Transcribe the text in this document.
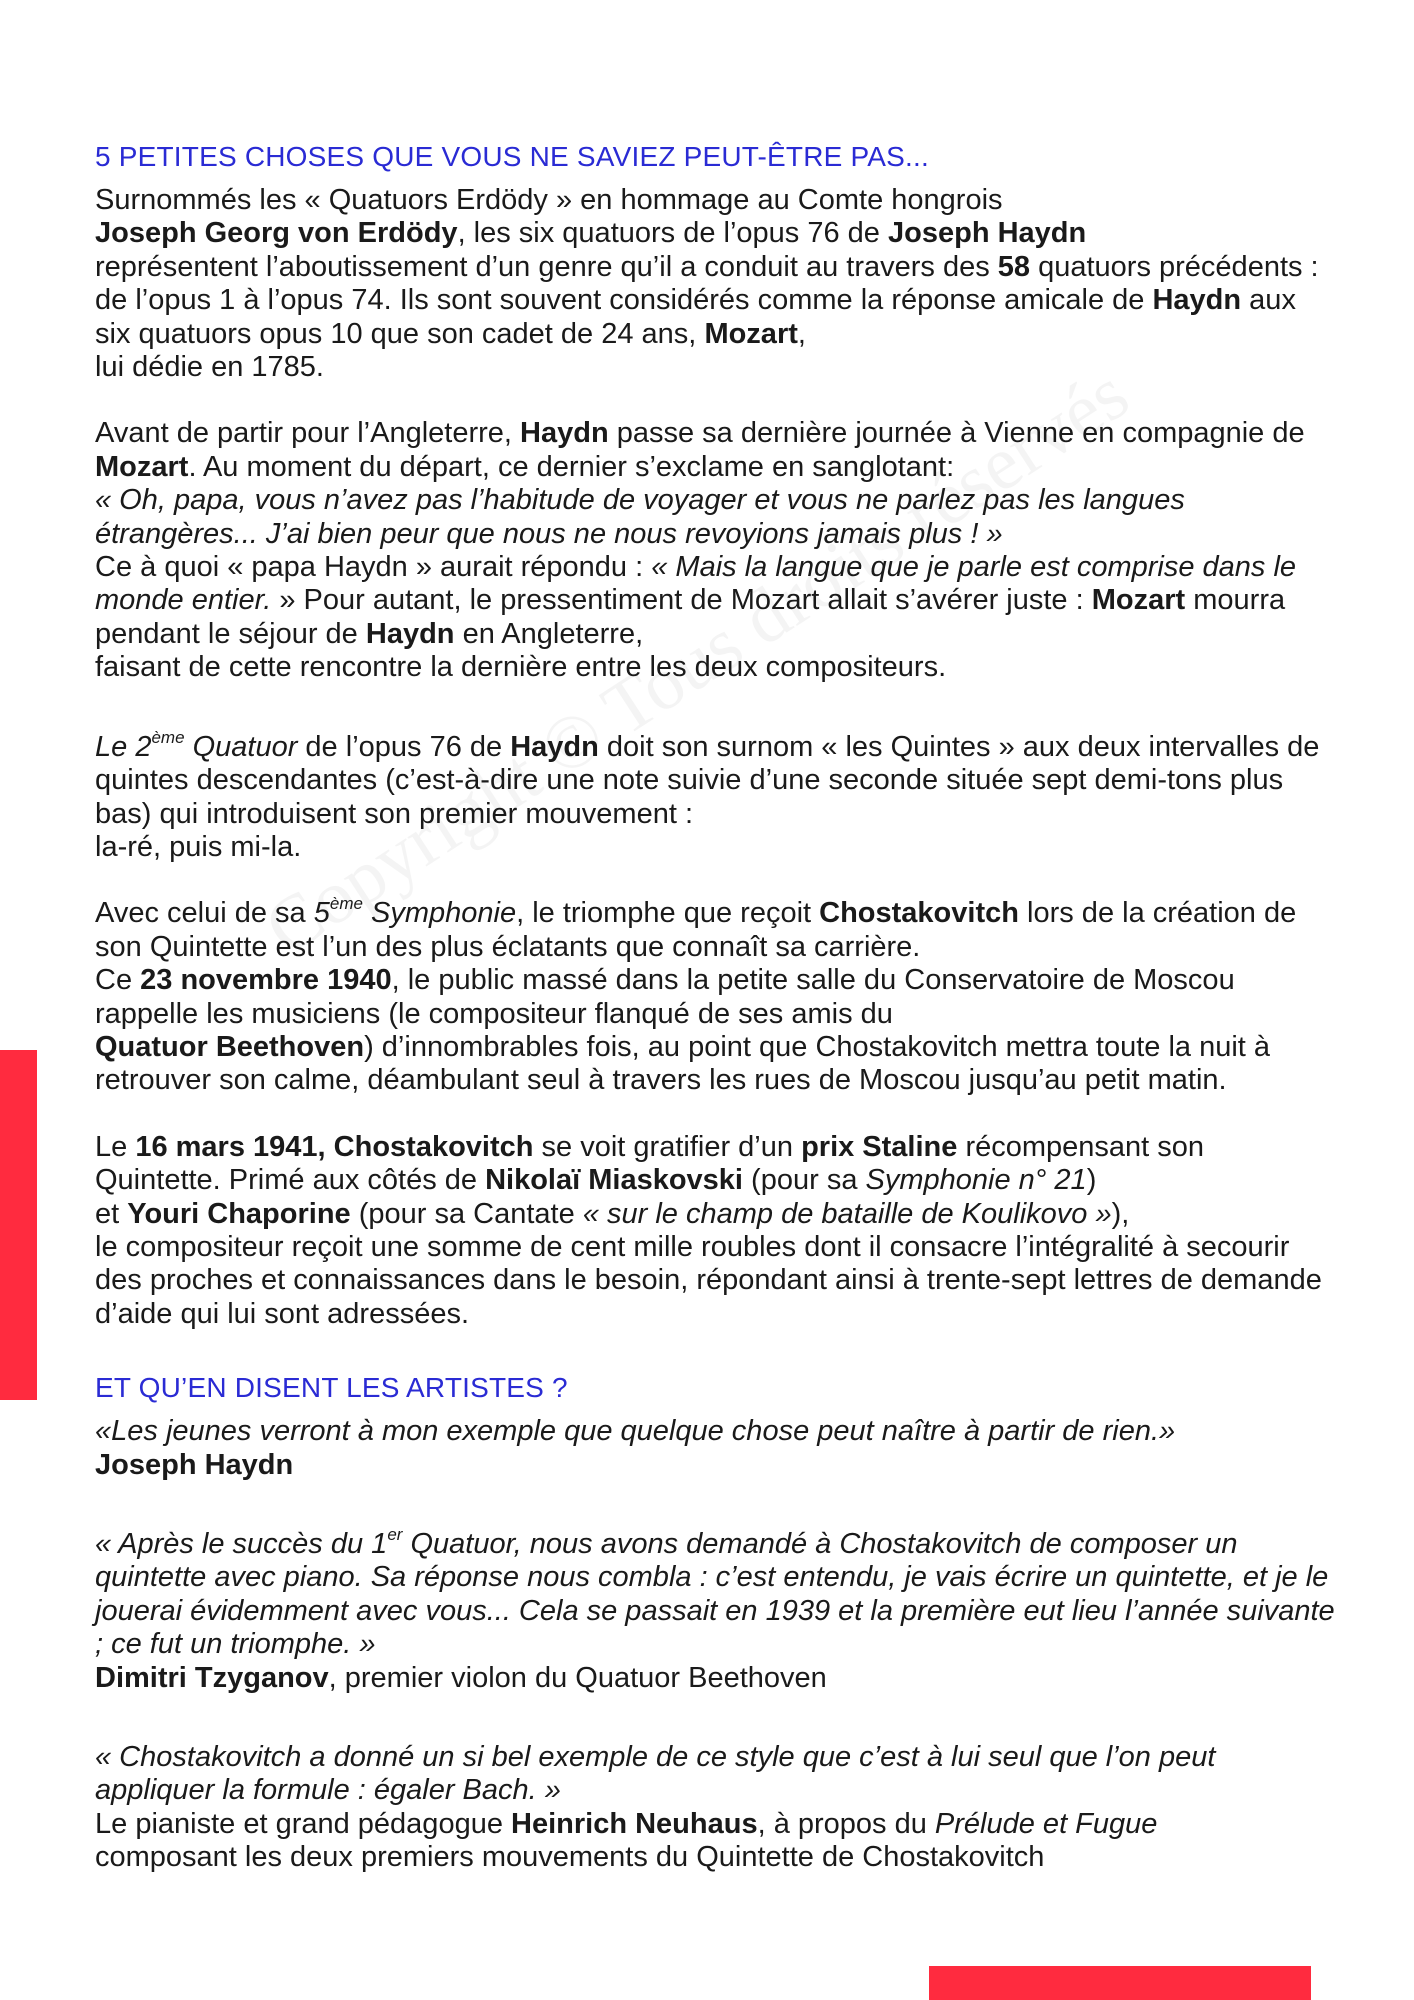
5 PETITES CHOSES QUE VOUS NE SAVIEZ PEUT-ÊTRE PAS...

Surnommés les « Quatuors Erdödy » en hommage au Comte hongrois
Joseph Georg von Erdödy, les six quatuors de l’opus 76 de Joseph Haydn
représentent l’aboutissement d’un genre qu’il a conduit au travers des 58 quatuors précédents : de l’opus 1 à l’opus 74. Ils sont souvent considérés comme la réponse amicale de Haydn aux six quatuors opus 10 que son cadet de 24 ans, Mozart,
lui dédie en 1785.

Avant de partir pour l’Angleterre, Haydn passe sa dernière journée à Vienne en compagnie de Mozart. Au moment du départ, ce dernier s’exclame en sanglotant:
« Oh, papa, vous n’avez pas l’habitude de voyager et vous ne parlez pas les langues étrangères... J’ai bien peur que nous ne nous revoyions jamais plus ! »
Ce à quoi « papa Haydn » aurait répondu : « Mais la langue que je parle est comprise dans le monde entier. » Pour autant, le pressentiment de Mozart allait s’avérer juste : Mozart mourra pendant le séjour de Haydn en Angleterre,
faisant de cette rencontre la dernière entre les deux compositeurs.

Le 2ème Quatuor de l’opus 76 de Haydn doit son surnom « les Quintes » aux deux intervalles de quintes descendantes (c’est-à-dire une note suivie d’une seconde située sept demi-tons plus bas) qui introduisent son premier mouvement :
la-ré, puis mi-la.

Avec celui de sa 5ème Symphonie, le triomphe que reçoit Chostakovitch lors de la création de son Quintette est l’un des plus éclatants que connaît sa carrière.
Ce 23 novembre 1940, le public massé dans la petite salle du Conservatoire de Moscou rappelle les musiciens (le compositeur flanqué de ses amis du
Quatuor Beethoven) d’innombrables fois, au point que Chostakovitch mettra toute la nuit à retrouver son calme, déambulant seul à travers les rues de Moscou jusqu’au petit matin.

Le 16 mars 1941, Chostakovitch se voit gratifier d’un prix Staline récompensant son Quintette. Primé aux côtés de Nikolaï Miaskovski (pour sa Symphonie n° 21)
et Youri Chaporine (pour sa Cantate « sur le champ de bataille de Koulikovo »),
le compositeur reçoit une somme de cent mille roubles dont il consacre l’intégralité à secourir des proches et connaissances dans le besoin, répondant ainsi à trente-sept lettres de demande d’aide qui lui sont adressées.

ET QU’EN DISENT LES ARTISTES ?

«Les jeunes verront à mon exemple que quelque chose peut naître à partir de rien.»
Joseph Haydn

« Après le succès du 1er Quatuor, nous avons demandé à Chostakovitch de composer un quintette avec piano. Sa réponse nous combla : c’est entendu, je vais écrire un quintette, et je le jouerai évidemment avec vous... Cela se passait en 1939 et la première eut lieu l’année suivante ; ce fut un triomphe. »
Dimitri Tzyganov, premier violon du Quatuor Beethoven

« Chostakovitch a donné un si bel exemple de ce style que c’est à lui seul que l’on peut appliquer la formule : égaler Bach. »
Le pianiste et grand pédagogue Heinrich Neuhaus, à propos du Prélude et Fugue
composant les deux premiers mouvements du Quintette de Chostakovitch
